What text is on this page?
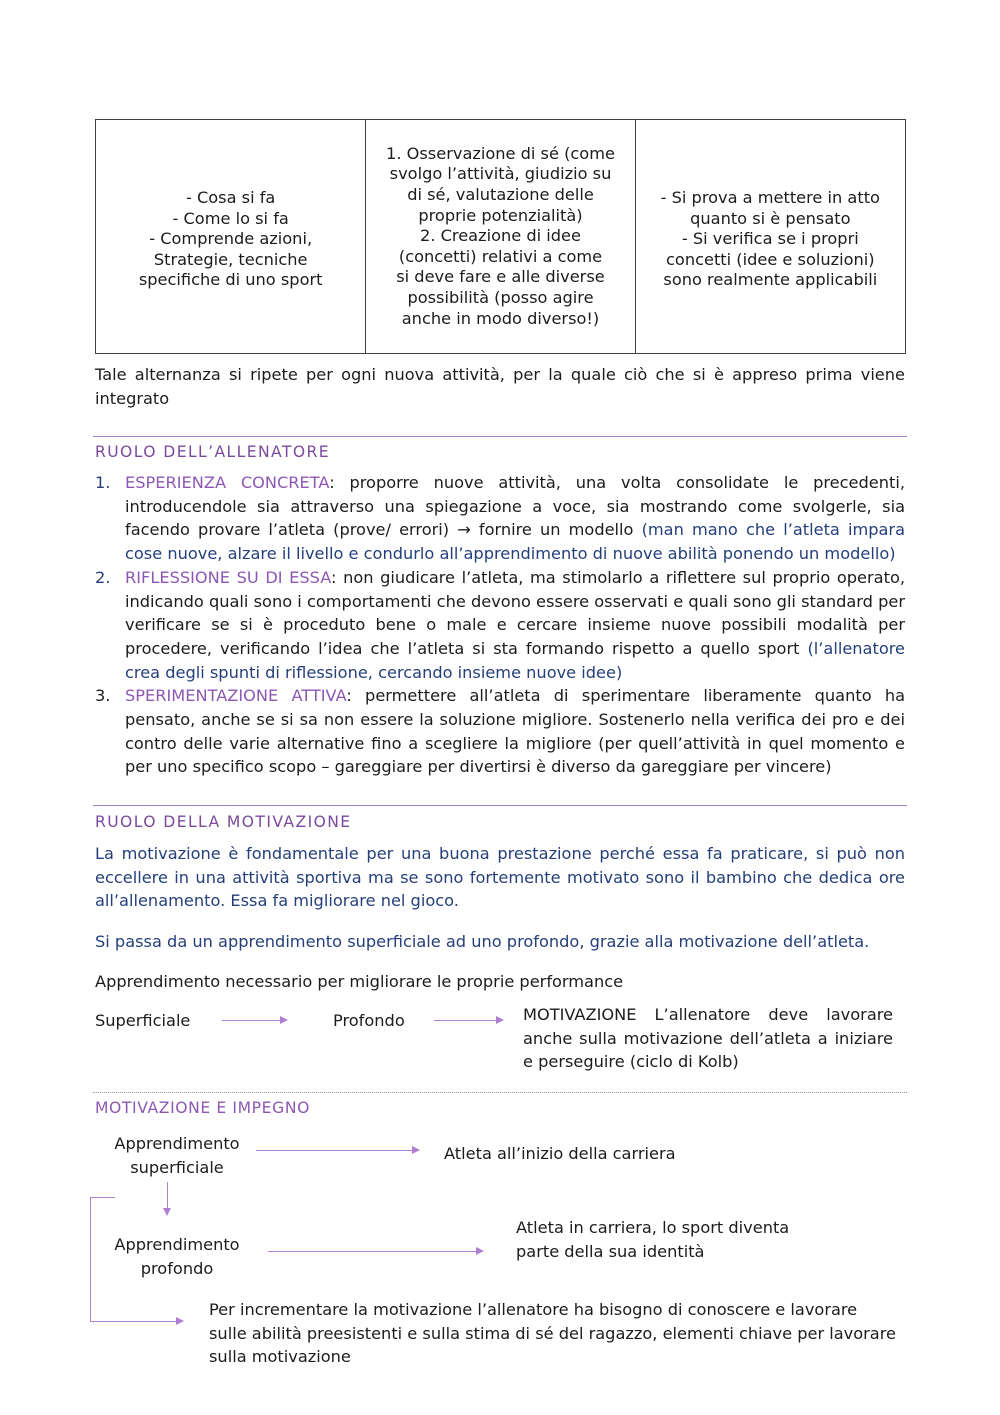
- Cosa si fa
- Come lo si fa
- Comprende azioni,
Strategie, tecniche
specifiche di uno sport
1. Osservazione di sé (come
svolgo l’attività, giudizio su
di sé, valutazione delle
proprie potenzialità)
2. Creazione di idee
(concetti) relativi a come
si deve fare e alle diverse
possibilità (posso agire
anche in modo diverso!)
- Si prova a mettere in atto
quanto si è pensato
- Si verifica se i propri
concetti (idee e soluzioni)
sono realmente applicabili
Tale alternanza si ripete per ogni nuova attività, per la quale ciò che si è appreso prima viene integrato
RUOLO DELL’ALLENATORE
1. ESPERIENZA CONCRETA: proporre nuove attività, una volta consolidate le precedenti, introducendole sia attraverso una spiegazione a voce, sia mostrando come svolgerle, sia facendo provare l’atleta (prove/ errori) → fornire un modello (man mano che l’atleta impara cose nuove, alzare il livello e condurlo all’apprendimento di nuove abilità ponendo un modello)
2. RIFLESSIONE SU DI ESSA: non giudicare l’atleta, ma stimolarlo a riflettere sul proprio operato, indicando quali sono i comportamenti che devono essere osservati e quali sono gli standard per verificare se si è proceduto bene o male e cercare insieme nuove possibili modalità per procedere, verificando l’idea che l’atleta si sta formando rispetto a quello sport (l’allenatore crea degli spunti di riflessione, cercando insieme nuove idee)
3. SPERIMENTAZIONE ATTIVA: permettere all’atleta di sperimentare liberamente quanto ha pensato, anche se si sa non essere la soluzione migliore. Sostenerlo nella verifica dei pro e dei contro delle varie alternative fino a scegliere la migliore (per quell’attività in quel momento e per uno specifico scopo – gareggiare per divertirsi è diverso da gareggiare per vincere)
RUOLO DELLA MOTIVAZIONE
La motivazione è fondamentale per una buona prestazione perché essa fa praticare, si può non eccellere in una attività sportiva ma se sono fortemente motivato sono il bambino che dedica ore all’allenamento. Essa fa migliorare nel gioco.
Si passa da un apprendimento superficiale ad uno profondo, grazie alla motivazione dell’atleta.
Apprendimento necessario per migliorare le proprie performance
Superficiale	Profondo	MOTIVAZIONE L’allenatore deve lavorare anche sulla motivazione dell’atleta a iniziare e perseguire (ciclo di Kolb)
MOTIVAZIONE E IMPEGNO
Apprendimento
superficiale
Atleta all’inizio della carriera
Apprendimento
profondo
Atleta in carriera, lo sport diventa
parte della sua identità
Per incrementare la motivazione l’allenatore ha bisogno di conoscere e lavorare sulle abilità preesistenti e sulla stima di sé del ragazzo, elementi chiave per lavorare sulla motivazione
